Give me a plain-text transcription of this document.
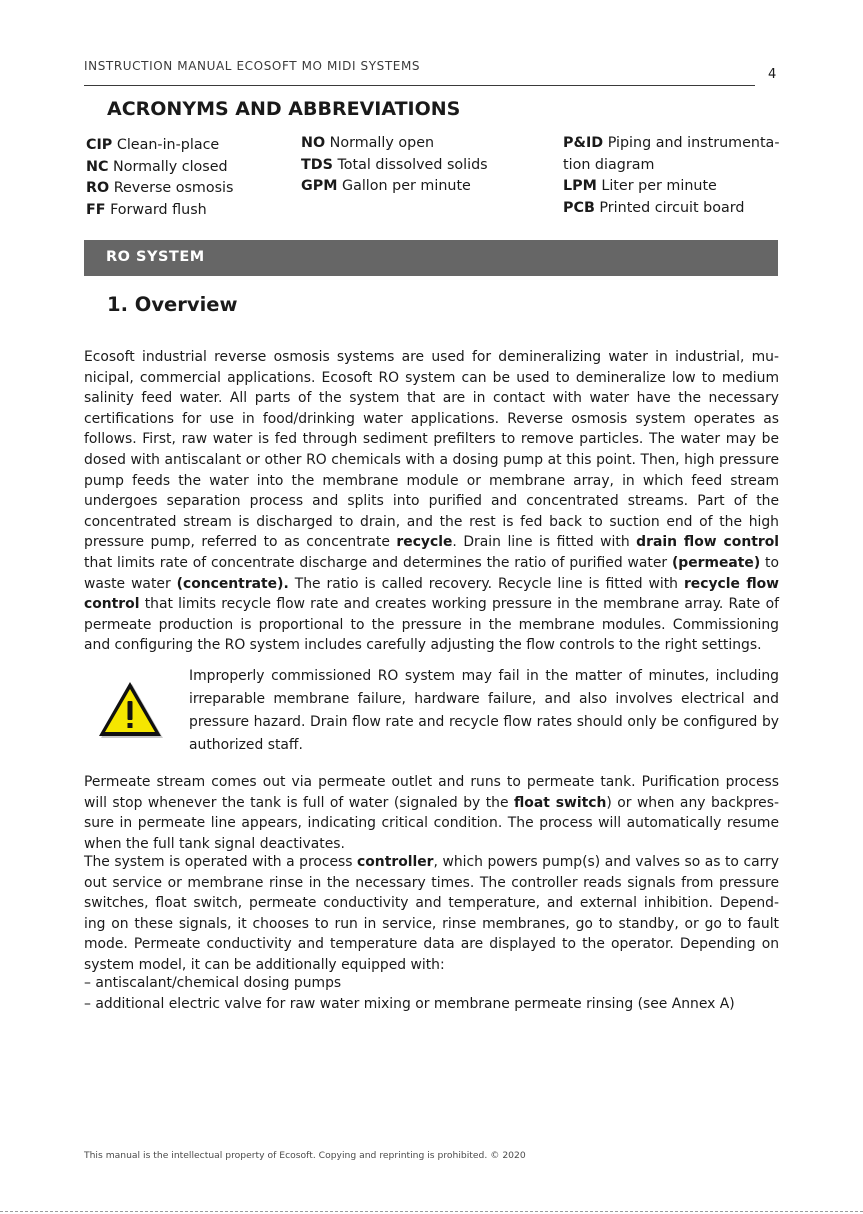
INSTRUCTION MANUAL ECOSOFT MO MIDI SYSTEMS
4
ACRONYMS AND ABBREVIATIONS
CIP Clean-in-place
NC Normally closed
RO Reverse osmosis
FF Forward flush
NO Normally open
TDS Total dissolved solids
GPM Gallon per minute
P&ID Piping and instrumenta-
tion diagram
LPM Liter per minute
PCB Printed circuit board
RO SYSTEM
1. Overview
Ecosoft industrial reverse osmosis systems are used for demineralizing water in industrial, mu- nicipal, commercial applications. Ecosoft RO system can be used to demineralize low to medium salinity feed water. All parts of the system that are in contact with water have the necessary certifications for use in food/drinking water applications. Reverse osmosis system operates as follows. First, raw water is fed through sediment prefilters to remove particles. The water may be dosed with antiscalant or other RO chemicals with a dosing pump at this point. Then, high pressure pump feeds the water into the membrane module or membrane array, in which feed stream undergoes separation process and splits into purified and concentrated streams. Part of the concentrated stream is discharged to drain, and the rest is fed back to suction end of the high pressure pump, referred to as concentrate recycle. Drain line is fitted with drain flow control that limits rate of concentrate discharge and determines the ratio of purified water (permeate) to waste water (concentrate). The ratio is called recovery. Recycle line is fitted with recycle flow control that limits recycle flow rate and creates working pressure in the membrane array. Rate of permeate production is proportional to the pressure in the membrane modules. Commissioning and configuring the RO system includes carefully adjusting the flow controls to the right settings.
Improperly commissioned RO system may fail in the matter of minutes, including irreparable membrane failure, hardware failure, and also involves electrical and pressure hazard. Drain flow rate and recycle flow rates should only be configured by authorized staff.
Permeate stream comes out via permeate outlet and runs to permeate tank. Purification process will stop whenever the tank is full of water (signaled by the float switch) or when any backpres- sure in permeate line appears, indicating critical condition. The process will automatically resume when the full tank signal deactivates.
The system is operated with a process controller, which powers pump(s) and valves so as to carry out service or membrane rinse in the necessary times. The controller reads signals from pressure switches, float switch, permeate conductivity and temperature, and external inhibition. Depend- ing on these signals, it chooses to run in service, rinse membranes, go to standby, or go to fault mode. Permeate conductivity and temperature data are displayed to the operator. Depending on system model, it can be additionally equipped with:
– antiscalant/chemical dosing pumps
– additional electric valve for raw water mixing or membrane permeate rinsing (see Annex A)
This manual is the intellectual property of Ecosoft. Copying and reprinting is prohibited. © 2020
